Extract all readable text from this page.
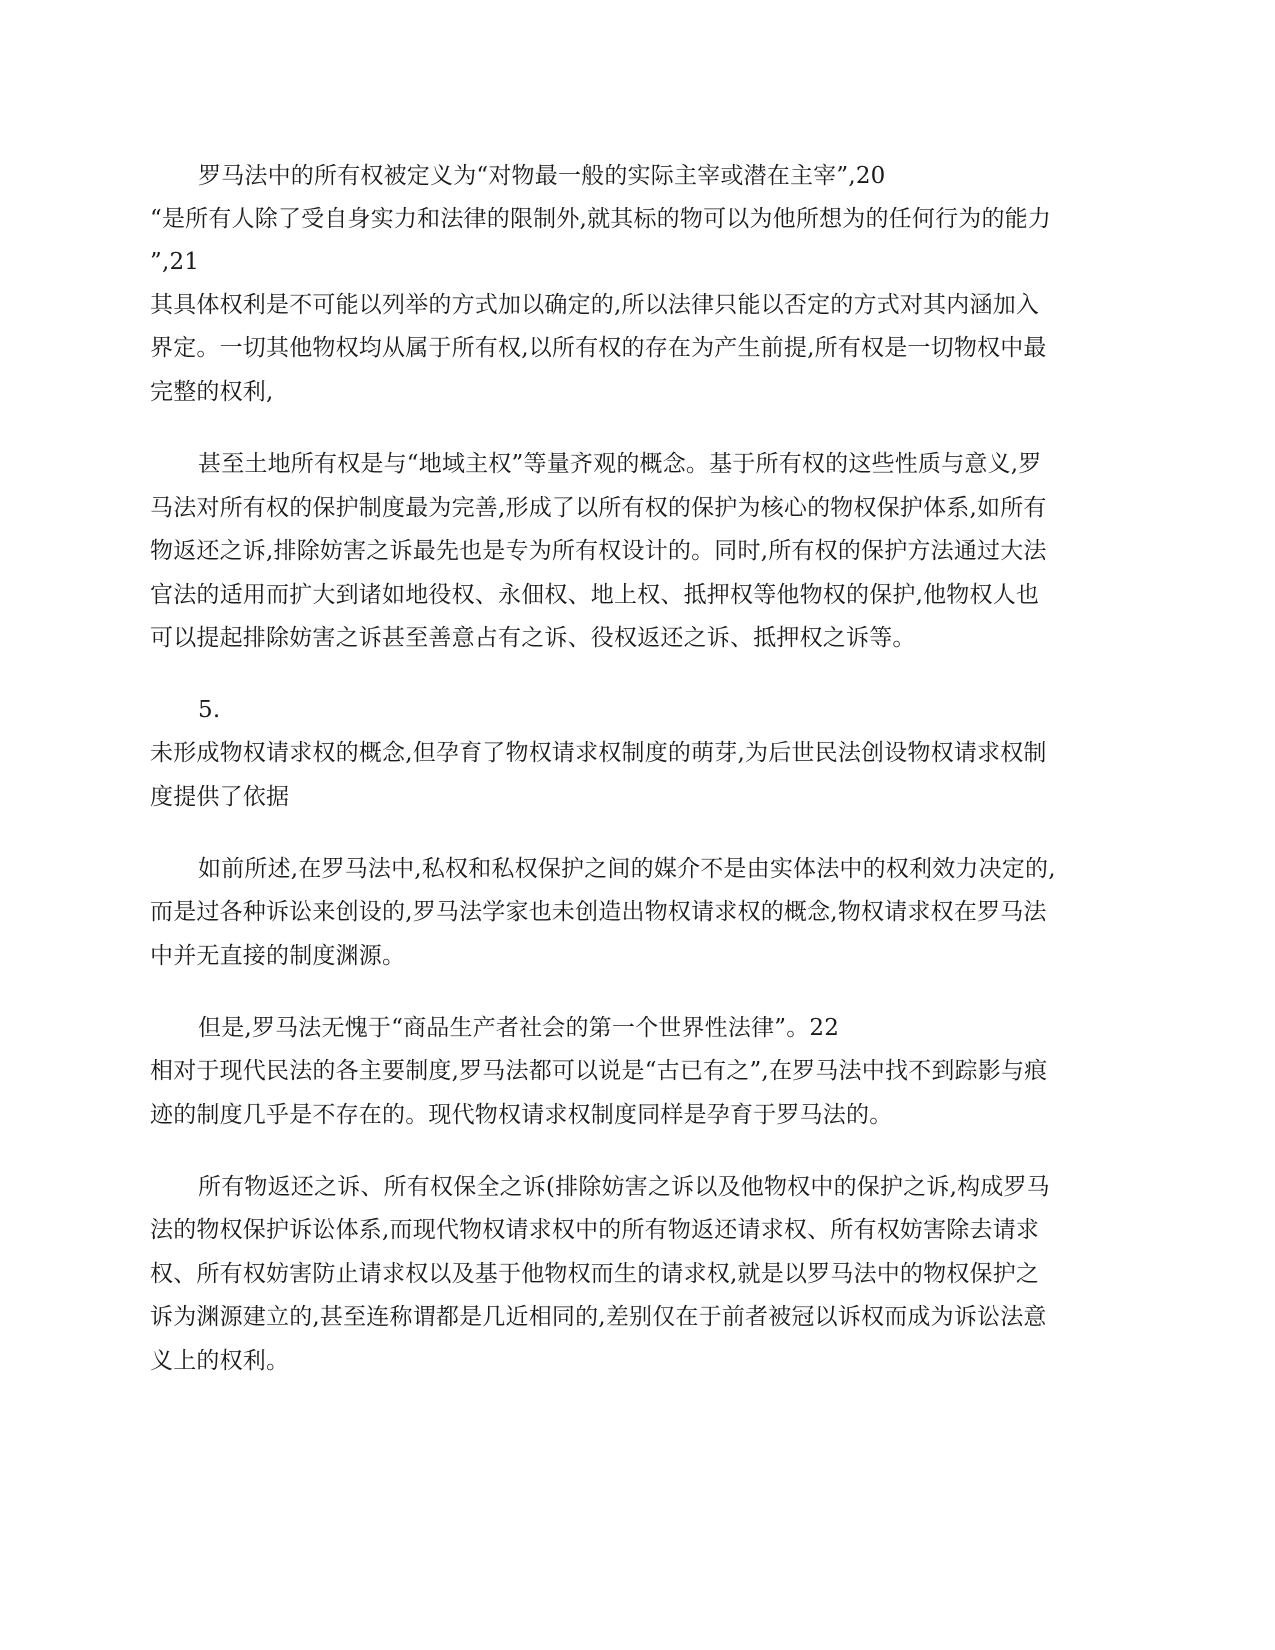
罗马法中的所有权被定义为“对物最一般的实际主宰或潜在主宰”,20
“是所有人除了受自身实力和法律的限制外,就其标的物可以为他所想为的任何行为的能力
”,21
其具体权利是不可能以列举的方式加以确定的,所以法律只能以否定的方式对其内涵加入
界定。一切其他物权均从属于所有权,以所有权的存在为产生前提,所有权是一切物权中最
完整的权利,
甚至土地所有权是与“地域主权”等量齐观的概念。基于所有权的这些性质与意义,罗
马法对所有权的保护制度最为完善,形成了以所有权的保护为核心的物权保护体系,如所有
物返还之诉,排除妨害之诉最先也是专为所有权设计的。同时,所有权的保护方法通过大法
官法的适用而扩大到诸如地役权、永佃权、地上权、抵押权等他物权的保护,他物权人也
可以提起排除妨害之诉甚至善意占有之诉、役权返还之诉、抵押权之诉等。
5.
未形成物权请求权的概念,但孕育了物权请求权制度的萌芽,为后世民法创设物权请求权制
度提供了依据
如前所述,在罗马法中,私权和私权保护之间的媒介不是由实体法中的权利效力决定的,
而是过各种诉讼来创设的,罗马法学家也未创造出物权请求权的概念,物权请求权在罗马法
中并无直接的制度渊源。
但是,罗马法无愧于“商品生产者社会的第一个世界性法律”。22
相对于现代民法的各主要制度,罗马法都可以说是“古已有之”,在罗马法中找不到踪影与痕
迹的制度几乎是不存在的。现代物权请求权制度同样是孕育于罗马法的。
所有物返还之诉、所有权保全之诉(排除妨害之诉以及他物权中的保护之诉,构成罗马
法的物权保护诉讼体系,而现代物权请求权中的所有物返还请求权、所有权妨害除去请求
权、所有权妨害防止请求权以及基于他物权而生的请求权,就是以罗马法中的物权保护之
诉为渊源建立的,甚至连称谓都是几近相同的,差别仅在于前者被冠以诉权而成为诉讼法意
义上的权利。
